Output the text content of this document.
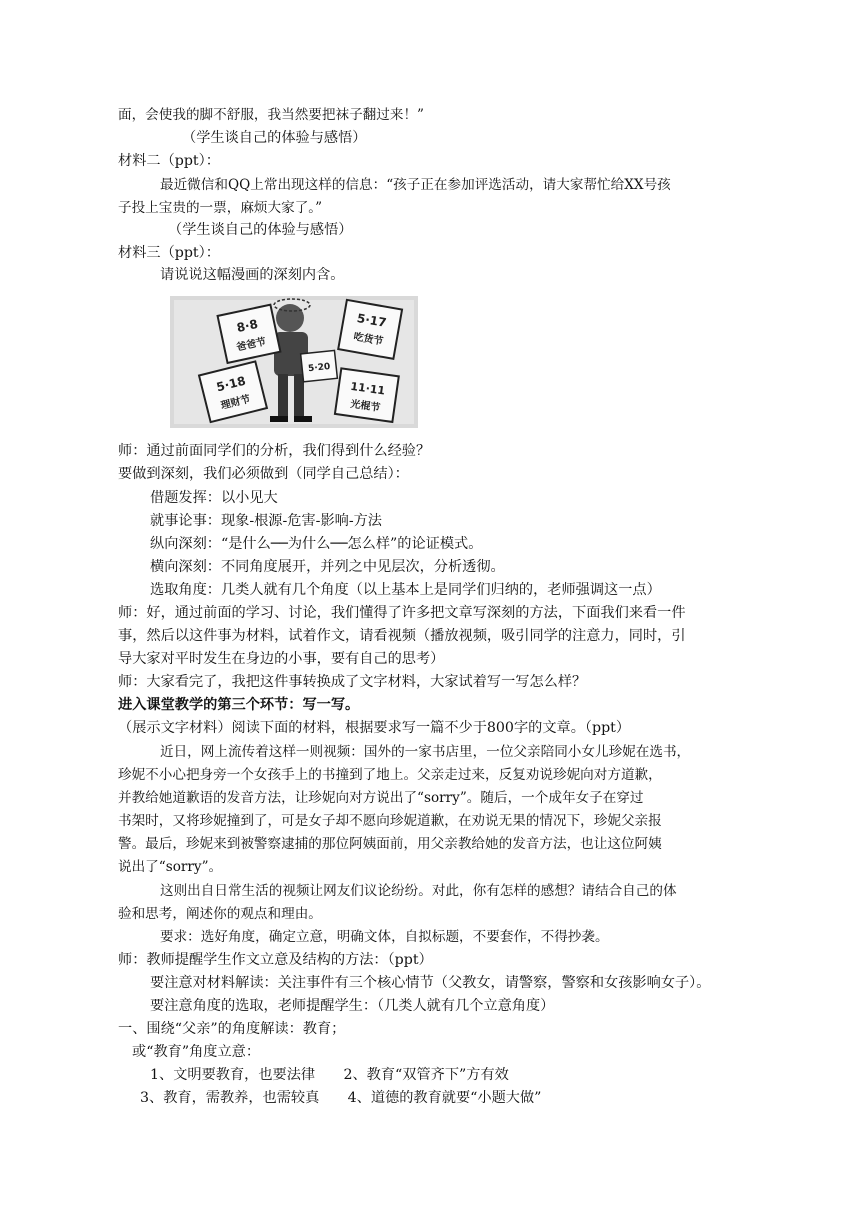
面，会使我的脚不舒服，我当然要把袜子翻过来！”
（学生谈自己的体验与感悟）
材料二（ppt）：
最近微信和QQ上常出现这样的信息：“孩子正在参加评选活动，请大家帮忙给XX号孩
子投上宝贵的一票，麻烦大家了。”
（学生谈自己的体验与感悟）
材料三（ppt）：
请说说这幅漫画的深刻内含。
8·8
爸爸节
5·17
吃货节
5·18
理财节
11·11
光棍节
5·20
师：通过前面同学们的分析，我们得到什么经验？
要做到深刻，我们必须做到（同学自己总结）：
借题发挥：以小见大
就事论事：现象-根源-危害-影响-方法
纵向深刻：“是什么──为什么──怎么样”的论证模式。
横向深刻：不同角度展开，并列之中见层次，分析透彻。
选取角度：几类人就有几个角度（以上基本上是同学们归纳的，老师强调这一点）
师：好，通过前面的学习、讨论，我们懂得了许多把文章写深刻的方法，下面我们来看一件
事，然后以这件事为材料，试着作文，请看视频（播放视频，吸引同学的注意力，同时，引
导大家对平时发生在身边的小事，要有自己的思考）
师：大家看完了，我把这件事转换成了文字材料，大家试着写一写怎么样？
进入课堂教学的第三个环节：写一写。
（展示文字材料）阅读下面的材料，根据要求写一篇不少于800字的文章。（ppt）
近日，网上流传着这样一则视频：国外的一家书店里，一位父亲陪同小女儿珍妮在选书，
珍妮不小心把身旁一个女孩手上的书撞到了地上。父亲走过来，反复劝说珍妮向对方道歉，
并教给她道歉语的发音方法，让珍妮向对方说出了“sorry”。随后，一个成年女子在穿过
书架时，又将珍妮撞到了，可是女子却不愿向珍妮道歉，在劝说无果的情况下，珍妮父亲报
警。最后，珍妮来到被警察逮捕的那位阿姨面前，用父亲教给她的发音方法，也让这位阿姨
说出了“sorry”。
这则出自日常生活的视频让网友们议论纷纷。对此，你有怎样的感想？请结合自己的体
验和思考，阐述你的观点和理由。
要求：选好角度，确定立意，明确文体，自拟标题，不要套作，不得抄袭。
师：教师提醒学生作文立意及结构的方法：（ppt）
要注意对材料解读：关注事件有三个核心情节（父教女，请警察，警察和女孩影响女子）。
要注意角度的选取，老师提醒学生：（几类人就有几个立意角度）
一、围绕“父亲”的角度解读：教育；
或“教育”角度立意：
1、文明要教育，也要法律　　2、教育“双管齐下”方有效
3、教育，需教养，也需较真　　4、道德的教育就要“小题大做”
